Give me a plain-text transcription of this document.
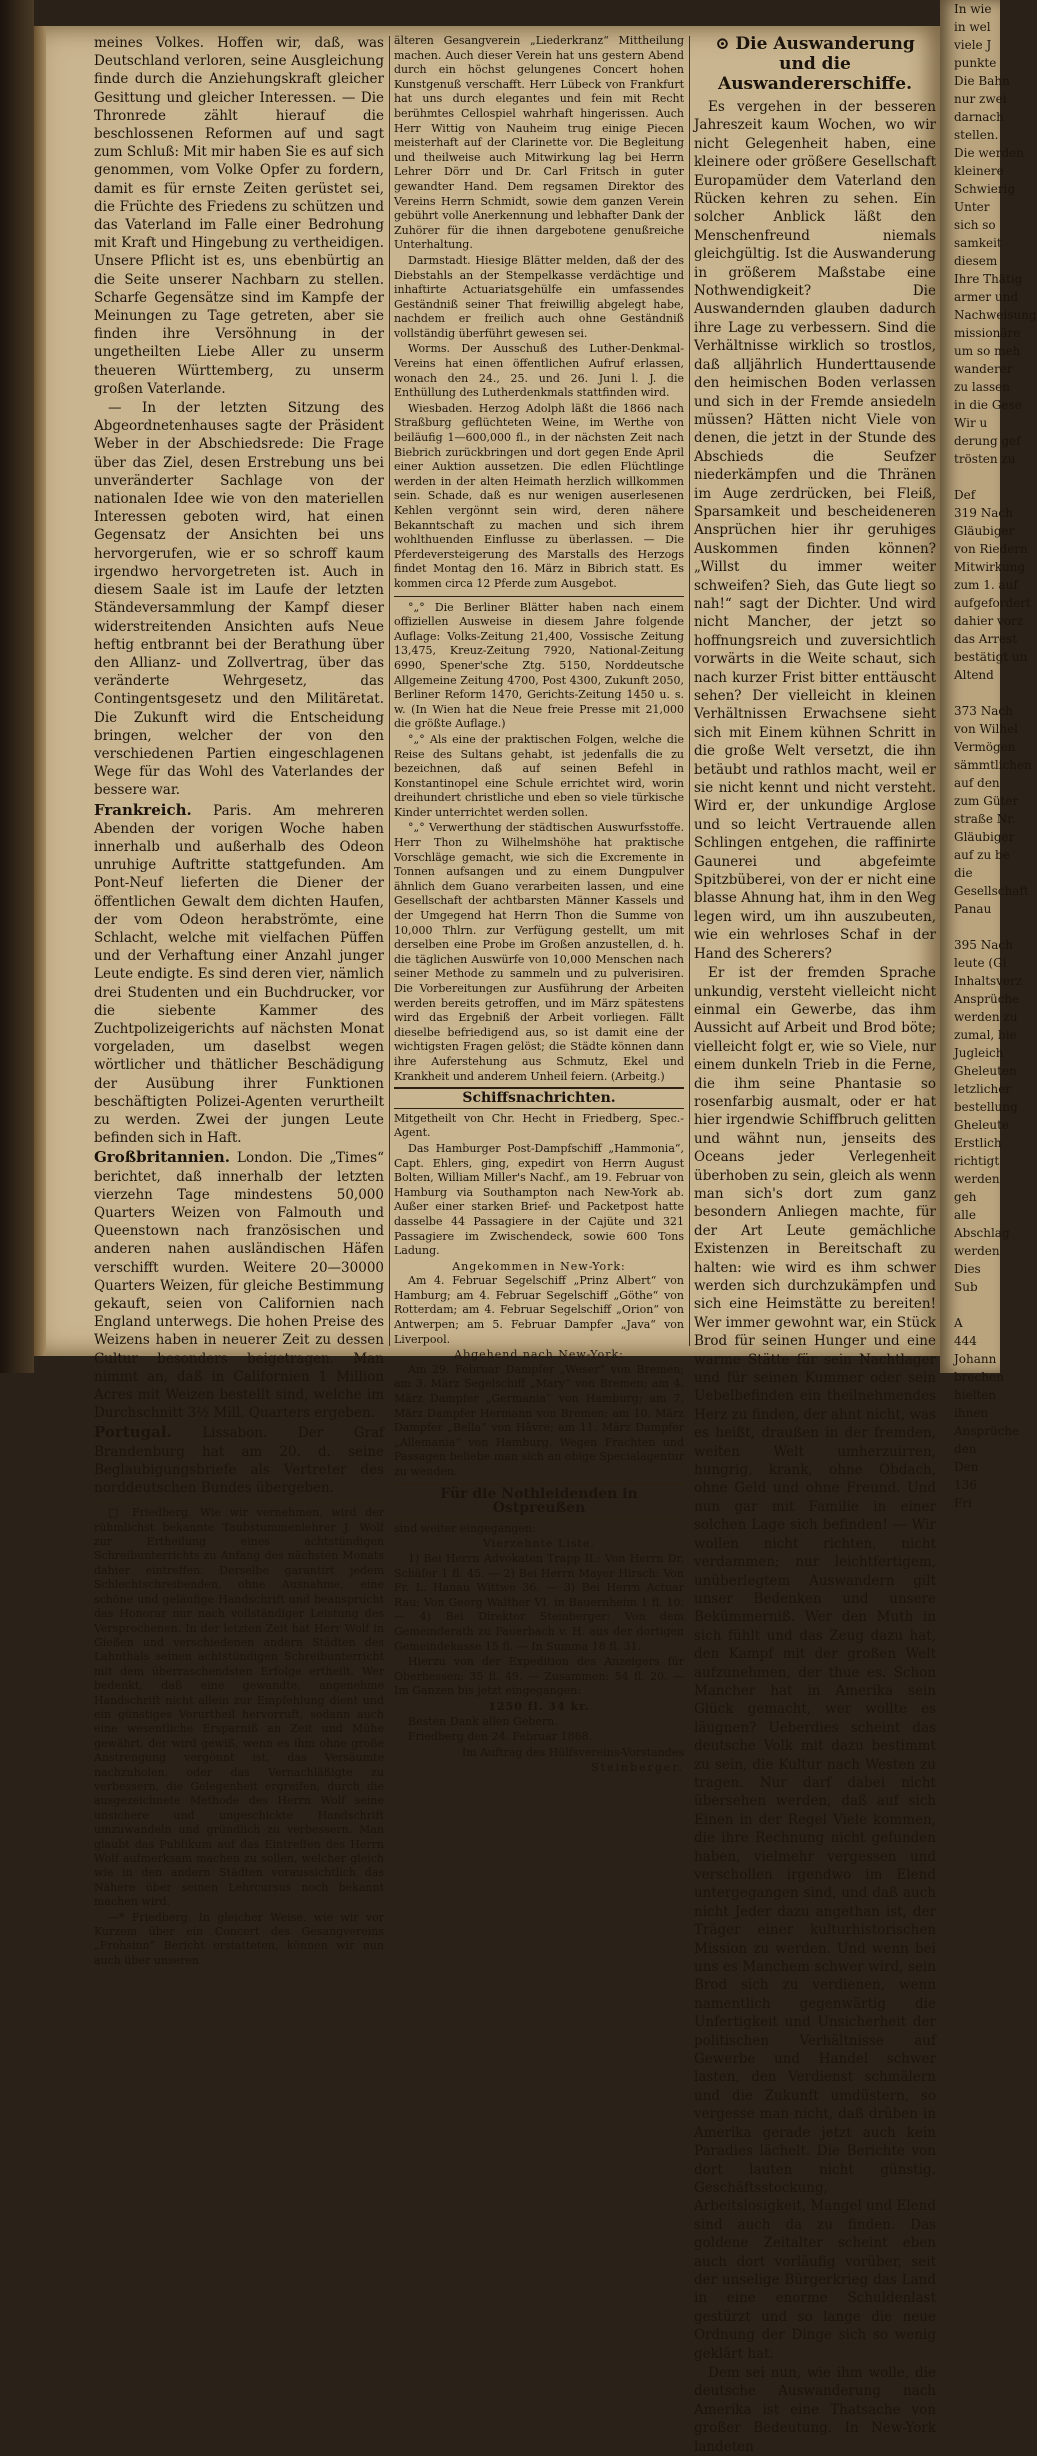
meines Volkes. Hoffen wir, daß, was Deutschland verloren, seine Ausgleichung finde durch die Anziehungskraft gleicher Gesittung und gleicher Interessen. — Die Thronrede zählt hierauf die beschlossenen Reformen auf und sagt zum Schluß: Mit mir haben Sie es auf sich genommen, vom Volke Opfer zu fordern, damit es für ernste Zeiten gerüstet sei, die Früchte des Friedens zu schützen und das Vaterland im Falle einer Bedrohung mit Kraft und Hingebung zu vertheidigen. Unsere Pflicht ist es, uns ebenbürtig an die Seite unserer Nachbarn zu stellen. Scharfe Gegensätze sind im Kampfe der Meinungen zu Tage getreten, aber sie finden ihre Versöhnung in der ungetheilten Liebe Aller zu unserm theueren Württemberg, zu unserm großen Vaterlande.

— In der letzten Sitzung des Abgeordnetenhauses sagte der Präsident Weber in der Abschiedsrede: Die Frage über das Ziel, desen Erstrebung uns bei unveränderter Sachlage von der nationalen Idee wie von den materiellen Interessen geboten wird, hat einen Gegensatz der Ansichten bei uns hervorgerufen, wie er so schroff kaum irgendwo hervorgetreten ist. Auch in diesem Saale ist im Laufe der letzten Ständeversammlung der Kampf dieser widerstreitenden Ansichten aufs Neue heftig entbrannt bei der Berathung über den Allianz- und Zollvertrag, über das veränderte Wehrgesetz, das Contingentsgesetz und den Militäretat. Die Zukunft wird die Entscheidung bringen, welcher der von den verschiedenen Partien eingeschlagenen Wege für das Wohl des Vaterlandes der bessere war.

Frankreich. Paris. Am mehreren Abenden der vorigen Woche haben innerhalb und außerhalb des Odeon unruhige Auftritte stattgefunden. Am Pont-Neuf lieferten die Diener der öffentlichen Gewalt dem dichten Haufen, der vom Odeon herabströmte, eine Schlacht, welche mit vielfachen Püffen und der Verhaftung einer Anzahl junger Leute endigte. Es sind deren vier, nämlich drei Studenten und ein Buchdrucker, vor die siebente Kammer des Zuchtpolizeigerichts auf nächsten Monat vorgeladen, um daselbst wegen wörtlicher und thätlicher Beschädigung der Ausübung ihrer Funktionen beschäftigten Polizei-Agenten verurtheilt zu werden. Zwei der jungen Leute befinden sich in Haft.

Großbritannien. London. Die „Times“ berichtet, daß innerhalb der letzten vierzehn Tage mindestens 50,000 Quarters Weizen von Falmouth und Queenstown nach französischen und anderen nahen ausländischen Häfen verschifft wurden. Weitere 20—30000 Quarters Weizen, für gleiche Bestimmung gekauft, seien von Californien nach England unterwegs. Die hohen Preise des Weizens haben in neuerer Zeit zu dessen Cultur besonders beigetragen. Man nimmt an, daß in Californien 1 Million Acres mit Weizen bestellt sind, welche im Durchschnitt 3½ Mill. Quarters ergeben.

Portugal. Lissabon. Der Graf Brandenburg hat am 20. d. seine Beglaubigungsbriefe als Vertreter des norddeutschen Bundes übergeben.

□ Friedberg. Wie wir vernehmen, wird der rühmlichst bekannte Taubstummenlehrer J. Wolf zur Ertheilung eines achtstündigen Schreibunterrichts zu Anfang des nächsten Monats dahier eintreffen. Derselbe garantirt jedem Schlechtschreibenden, ohne Ausnahme, eine schöne und geläufige Handschrift und beansprucht das Honorar nur nach vollständiger Leistung des Versprochenen. In der letzten Zeit hat Herr Wolf in Gießen und verschiedenen andern Städten des Lahnthals seinen achtstündigen Schreibunterricht mit dem überraschendsten Erfolge ertheilt. Wer bedenkt, daß eine gewandte, angenehme Handschrift nicht allein zur Empfehlung dient und ein günstiges Vorurtheil hervorruft, sodann auch eine wesentliche Ersparniß an Zeit und Mühe gewährt, der wird gewiß, wenn es ihm ohne große Anstrengung vergönnt ist, das Versäumte nachzuholen, oder das Vernachläßigte zu verbessern, die Gelegenheit ergreifen, durch die ausgezeichnete Methode des Herrn Wolf seine unsichere und ungeschickte Handschrift umzuwandeln und gründlich zu verbessern. Man glaubt das Publikum auf das Eintreffen des Herrn Wolf aufmerksam machen zu sollen, welcher gleich wie in den andern Städten voraussichtlich das Nähere über seinen Lehrcursus noch bekannt machen wird.

—* Friedberg. In gleicher Weise, wie wir vor Kurzem über ein Concert des Gesangvereins „Frohsinn“ Bericht erstatteten, können wir nun auch über unseren

älteren Gesangverein „Liederkranz“ Mittheilung machen. Auch dieser Verein hat uns gestern Abend durch ein höchst gelungenes Concert hohen Kunstgenuß verschafft. Herr Lübeck von Frankfurt hat uns durch elegantes und fein mit Recht berühmtes Cellospiel wahrhaft hingerissen. Auch Herr Wittig von Nauheim trug einige Piecen meisterhaft auf der Clarinette vor. Die Begleitung und theilweise auch Mitwirkung lag bei Herrn Lehrer Dörr und Dr. Carl Fritsch in guter gewandter Hand. Dem regsamen Direktor des Vereins Herrn Schmidt, sowie dem ganzen Verein gebührt volle Anerkennung und lebhafter Dank der Zuhörer für die ihnen dargebotene genußreiche Unterhaltung.

Darmstadt. Hiesige Blätter melden, daß der des Diebstahls an der Stempelkasse verdächtige und inhaftirte Actuariatsgehülfe ein umfassendes Geständniß seiner That freiwillig abgelegt habe, nachdem er freilich auch ohne Geständniß vollständig überführt gewesen sei.

Worms. Der Ausschuß des Luther-Denkmal-Vereins hat einen öffentlichen Aufruf erlassen, wonach den 24., 25. und 26. Juni l. J. die Enthüllung des Lutherdenkmals stattfinden wird.

Wiesbaden. Herzog Adolph läßt die 1866 nach Straßburg geflüchteten Weine, im Werthe von beiläufig 1—600,000 fl., in der nächsten Zeit nach Biebrich zurückbringen und dort gegen Ende April einer Auktion aussetzen. Die edlen Flüchtlinge werden in der alten Heimath herzlich willkommen sein. Schade, daß es nur wenigen auserlesenen Kehlen vergönnt sein wird, deren nähere Bekanntschaft zu machen und sich ihrem wohlthuenden Einflusse zu überlassen. — Die Pferdeversteigerung des Marstalls des Herzogs findet Montag den 16. März in Bibrich statt. Es kommen circa 12 Pferde zum Ausgebot.

°„° Die Berliner Blätter haben nach einem offiziellen Ausweise in diesem Jahre folgende Auflage: Volks-Zeitung 21,400, Vossische Zeitung 13,475, Kreuz-Zeitung 7920, National-Zeitung 6990, Spener'sche Ztg. 5150, Norddeutsche Allgemeine Zeitung 4700, Post 4300, Zukunft 2050, Berliner Reform 1470, Gerichts-Zeitung 1450 u. s. w. (In Wien hat die Neue freie Presse mit 21,000 die größte Auflage.)

°„° Als eine der praktischen Folgen, welche die Reise des Sultans gehabt, ist jedenfalls die zu bezeichnen, daß auf seinen Befehl in Konstantinopel eine Schule errichtet wird, worin dreihundert christliche und eben so viele türkische Kinder unterrichtet werden sollen.

°„° Verwerthung der städtischen Auswurfsstoffe. Herr Thon zu Wilhelmshöhe hat praktische Vorschläge gemacht, wie sich die Excremente in Tonnen aufsangen und zu einem Dungpulver ähnlich dem Guano verarbeiten lassen, und eine Gesellschaft der achtbarsten Männer Kassels und der Umgegend hat Herrn Thon die Summe von 10,000 Thlrn. zur Verfügung gestellt, um mit derselben eine Probe im Großen anzustellen, d. h. die täglichen Auswürfe von 10,000 Menschen nach seiner Methode zu sammeln und zu pulverisiren. Die Vorbereitungen zur Ausführung der Arbeiten werden bereits getroffen, und im März spätestens wird das Ergebniß der Arbeit vorliegen. Fällt dieselbe befriedigend aus, so ist damit eine der wichtigsten Fragen gelöst; die Städte können dann ihre Auferstehung aus Schmutz, Ekel und Krankheit und anderem Unheil feiern. (Arbeitg.)

Schiffsnachrichten.

Mitgetheilt von Chr. Hecht in Friedberg, Spec.-Agent.

Das Hamburger Post-Dampfschiff „Hammonia“, Capt. Ehlers, ging, expedirt von Herrn August Bolten, William Miller's Nachf., am 19. Februar von Hamburg via Southampton nach New-York ab. Außer einer starken Brief- und Packetpost hatte dasselbe 44 Passagiere in der Cajüte und 321 Passagiere im Zwischendeck, sowie 600 Tons Ladung.

Angekommen in New-York:

Am 4. Februar Segelschiff „Prinz Albert“ von Hamburg; am 4. Februar Segelschiff „Göthe“ von Rotterdam; am 4. Februar Segelschiff „Orion“ von Antwerpen; am 5. Februar Dampfer „Java“ von Liverpool.

Abgehend nach New-York:

Am 29. Februar Dampfer „Weser“ von Bremen; am 3. März Segelschiff „Mary“ von Bremen; am 4. März Dampfer „Germania“ von Hamburg; am 7. März Dampfer Hermann von Bremen; am 10. März Dampfer „Bella“ von Hâvre; am 11. März Dampfer „Allemania“ von Hamburg. Wegen Frachten und Passagen beliebe man sich an obige Specialagentur zu wenden.

Für die Nothleidenden in Ostpreußen

sind weiter eingegangen:

Vierzehnte Liste.

1) Bei Herrn Advokaten Trapp II.: Von Herrn Dr. Schäfer 1 fl. 45. — 2) Bei Herrn Mayer Hirsch: Von Fr. L. Hanau Wittwe 36. — 3) Bei Herrn Actuar Rau: Von Georg Walther VI. in Bauernheim 1 fl. 10. — 4) Bei Direktor Steinberger: Von dem Gemeinderath zu Fauerbach v. H. aus der dortigen Gemeindekasse 15 fl. — In Summa 18 fl. 31.

Hierzu von der Expedition des Anzeigers für Oberhessen: 35 fl. 49. — Zusammen: 54 fl. 20. — Im Ganzen bis jetzt eingegangen:

1250 fl. 34 kr.

Besten Dank allen Gebern.

Friedberg den 24. Februar 1868.

Im Auftrag des Hülfsvereins-Vorstandes

Steinberger.

⊙ Die Auswanderung und die Auswandererschiffe.

Es vergehen in der besseren Jahreszeit kaum Wochen, wo wir nicht Gelegenheit haben, eine kleinere oder größere Gesellschaft Europamüder dem Vaterland den Rücken kehren zu sehen. Ein solcher Anblick läßt den Menschenfreund niemals gleichgültig. Ist die Auswanderung in größerem Maßstabe eine Nothwendigkeit? Die Auswandernden glauben dadurch ihre Lage zu verbessern. Sind die Verhältnisse wirklich so trostlos, daß alljährlich Hunderttausende den heimischen Boden verlassen und sich in der Fremde ansiedeln müssen? Hätten nicht Viele von denen, die jetzt in der Stunde des Abschieds die Seufzer niederkämpfen und die Thränen im Auge zerdrücken, bei Fleiß, Sparsamkeit und bescheideneren Ansprüchen hier ihr geruhiges Auskommen finden können? „Willst du immer weiter schweifen? Sieh, das Gute liegt so nah!“ sagt der Dichter. Und wird nicht Mancher, der jetzt so hoffnungsreich und zuversichtlich vorwärts in die Weite schaut, sich nach kurzer Frist bitter enttäuscht sehen? Der vielleicht in kleinen Verhältnissen Erwachsene sieht sich mit Einem kühnen Schritt in die große Welt versetzt, die ihn betäubt und rathlos macht, weil er sie nicht kennt und nicht versteht. Wird er, der unkundige Arglose und so leicht Vertrauende allen Schlingen entgehen, die raffinirte Gaunerei und abgefeimte Spitzbüberei, von der er nicht eine blasse Ahnung hat, ihm in den Weg legen wird, um ihn auszubeuten, wie ein wehrloses Schaf in der Hand des Scherers?

Er ist der fremden Sprache unkundig, versteht vielleicht nicht einmal ein Gewerbe, das ihm Aussicht auf Arbeit und Brod böte; vielleicht folgt er, wie so Viele, nur einem dunkeln Trieb in die Ferne, die ihm seine Phantasie so rosenfarbig ausmalt, oder er hat hier irgendwie Schiffbruch gelitten und wähnt nun, jenseits des Oceans jeder Verlegenheit überhoben zu sein, gleich als wenn man sich's dort zum ganz besondern Anliegen machte, für der Art Leute gemächliche Existenzen in Bereitschaft zu halten: wie wird es ihm schwer werden sich durchzukämpfen und sich eine Heimstätte zu bereiten! Wer immer gewohnt war, ein Stück Brod für seinen Hunger und eine warme Stätte für sein Nachtlager und für seinen Kummer oder sein Uebelbefinden ein theilnehmendes Herz zu finden, der ahnt nicht, was es heißt, draußen in der fremden, weiten Welt umherzuirren, hungrig, krank, ohne Obdach, ohne Geld und ohne Freund. Und nun gar mit Familie in einer solchen Lage sich befinden! — Wir wollen nicht richten, nicht verdammen; nur leichtfertigem, unüberlegtem Auswandern gilt unser Bedenken und unsere Bekümmerniß. Wer den Muth in sich fühlt und das Zeug dazu hat, den Kampf mit der großen Welt aufzunehmen, der thue es. Schon Mancher hat in Amerika sein Glück gemacht, wer wollte es läugnen? Ueberdies scheint das deutsche Volk mit dazu bestimmt zu sein, die Kultur nach Westen zu tragen. Nur darf dabei nicht übersehen werden, daß auf sich Einen in der Regel Viele kommen, die ihre Rechnung nicht gefunden haben, vielmehr vergessen und verschollen irgendwo im Elend untergegangen sind, und daß auch nicht Jeder dazu angethan ist, der Träger einer kulturhistorischen Mission zu werden. Und wenn bei uns es Manchem schwer wird, sein Brod sich zu verdienen, wenn namentlich gegenwärtig die Unfertigkeit und Unsicherheit der politischen Verhältnisse auf Gewerbe und Handel schwer lasten, den Verdienst schmälern und die Zukunft umdüstern, so vergesse man nicht, daß drüben in Amerika gerade jetzt auch kein Paradies lächelt. Die Berichte von dort lauten nicht günstig. Geschäftsstockung, Arbeitslosigkeit, Mangel und Elend sind auch da zu finden. Das goldene Zeitalter scheint eben auch dort vorläufig vorüber, seit der unselige Bürgerkrieg das Land in eine enorme Schuldenlast gestürzt und so lange die neue Ordnung der Dinge sich so wenig geklärt hat.

Dem sei nun, wie ihm wolle, die deutsche Auswanderung nach Amerika ist eine Thatsache von großer Bedeutung. In New-York landeten

In wie
in wel
viele J
punkte
Die Bahn
nur zwei
darnach
stellen.
Die werden
kleinere
Schwierig
Unter
sich so
samkeit
diesem
Ihre Thätig
armer und
Nachweisung
missionäre
um so meh
wanderer
zu lassen
in die Gese
Wir u
derung gef
trösten zu

Def
319 Nach
Gläubiger
von Riedern
Mitwirkung
zum 1. auf
aufgefordert
dahier vorz
das Arrest
bestätigt un
Altend

373 Nach
von Wilhel
Vermögen
sämmtlichen
auf den
zum Güter
straße Nr.
Gläubiger
auf zu be
die
Gesellschaft
Panau

395 Nach
leute (Gi
Inhaltsverz
Ansprüche
werden zu
zumal, bie
Jugleich
Gheleuten
letzlicher
bestellung
Gheleute
Erstlich
richtigt
werden
geh
alle
Abschlag
werden
Dies
Sub

A
444
Johann
brechen
hielten
ihnen
Ansprüche
den
Den
136
Fri
